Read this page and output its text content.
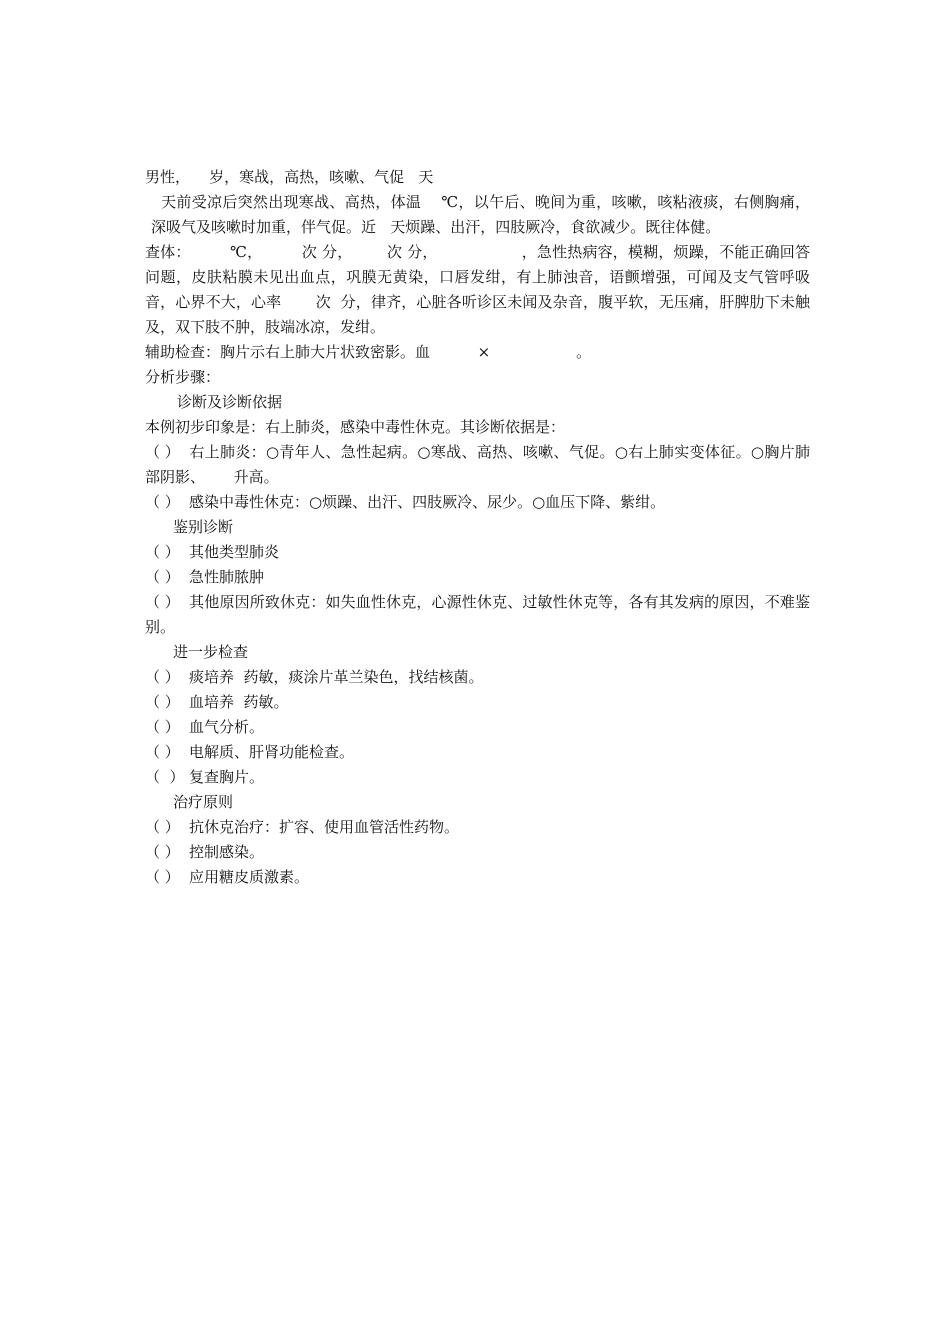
男性，    岁，寒战，高热，咳嗽、气促   天
天前受凉后突然出现寒战、高热，体温    ℃，以午后、晚间为重，咳嗽，咳粘液痰，右侧胸痛，深吸气及咳嗽时加重，伴气促。近   天烦躁、出汗，四肢厥冷，食欲减少。既往体健。
查体：        ℃，        次 分，       次 分，                 ，急性热病容，模糊，烦躁，不能正确回答问题，皮肤粘膜未见出血点，巩膜无黄染，口唇发绀，有上肺浊音，语颤增强，可闻及支气管呼吸音，心界不大，心率       次  分，律齐，心脏各听诊区未闻及杂音，腹平软，无压痛，肝脾肋下未触及，双下肢不肿，肢端冰凉，发绀。
辅助检查：胸片示右上肺大片状致密影。血          ×                  。
分析步骤：
诊断及诊断依据
本例初步印象是：右上肺炎，感染中毒性休克。其诊断依据是：
（ ） 右上肺炎：○青年人、急性起病。○寒战、高热、咳嗽、气促。○右上肺实变体征。○胸片肺部阴影、      升高。
（ ） 感染中毒性休克：○烦躁、出汗、四肢厥冷、尿少。○血压下降、紫绀。
鉴别诊断
（ ） 其他类型肺炎
（ ） 急性肺脓肿
（ ） 其他原因所致休克：如失血性休克，心源性休克、过敏性休克等，各有其发病的原因，不难鉴别。
进一步检查
（ ） 痰培养  药敏，痰涂片革兰染色，找结核菌。
（ ） 血培养  药敏。
（ ） 血气分析。
（ ） 电解质、肝肾功能检查。
（  ） 复查胸片。
治疗原则
（ ） 抗休克治疗：扩容、使用血管活性药物。
（ ） 控制感染。
（ ） 应用糖皮质激素。
